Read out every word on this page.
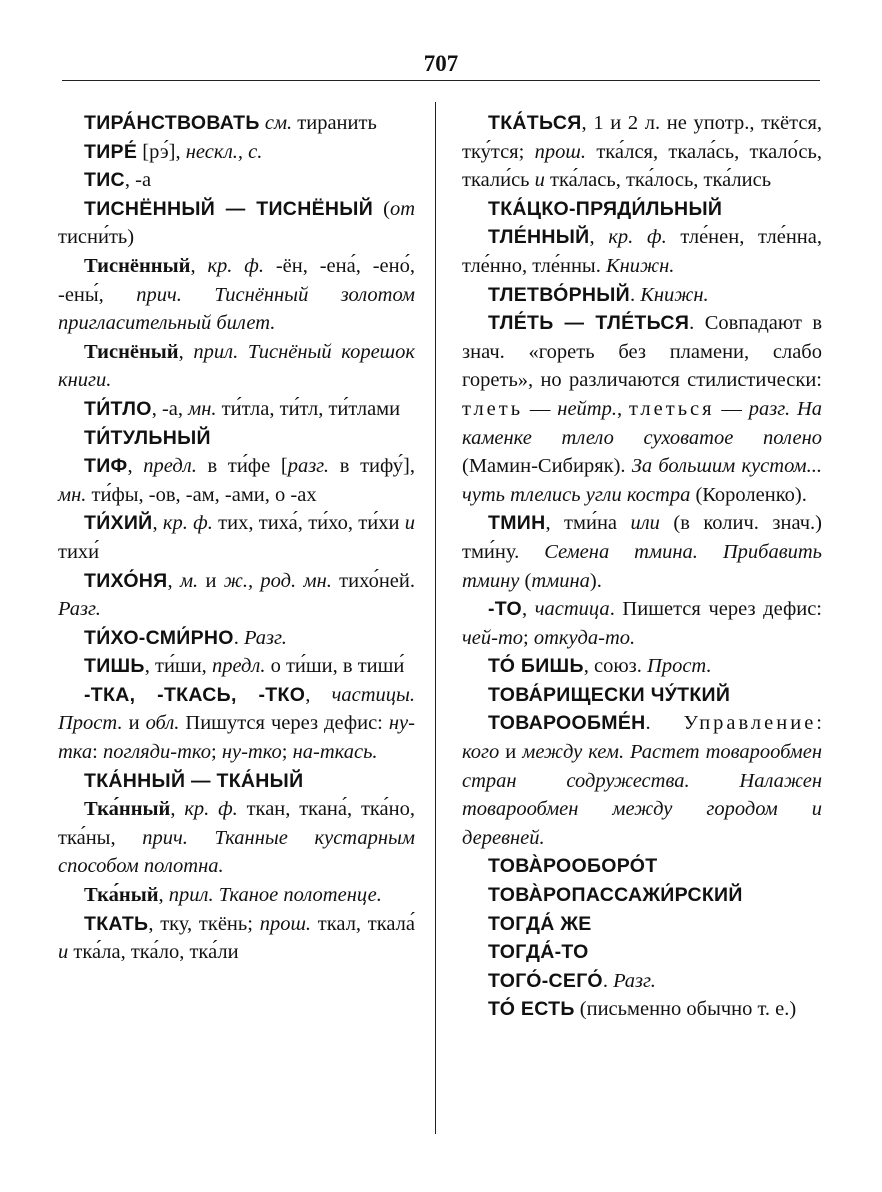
707

ТИРА́НСТВОВАТЬ см. тиранить

ТИРЕ́ [рэ́], нескл., с.

ТИС, -а

ТИСНЁННЫЙ — ТИСНЁНЫЙ (от тисни́ть)

Тиснённый, кр. ф. -ён, -ена́, -ено́, -ены́, прич. Тиснённый золотом пригласительный билет.

Тиснёный, прил. Тиснёный корешок книги.

ТИ́ТЛО, -а, мн. ти́тла, ти́тл, ти́тлами

ТИ́ТУЛЬНЫЙ

ТИФ, предл. в ти́фе [разг. в тифу́], мн. ти́фы, -ов, -ам, -ами, о -ах

ТИ́ХИЙ, кр. ф. тих, тиха́, ти́хо, ти́хи и тихи́

ТИХО́НЯ, м. и ж., род. мн. тихо́ней. Разг.

ТИ́ХО-СМИ́РНО. Разг.

ТИШЬ, ти́ши, предл. о ти́ши, в тиши́

-ТКА, -ТКАСЬ, -ТКО, частицы. Прост. и обл. Пишутся через дефис: ну-тка: погляди-тко; ну-тко; на-ткась.

ТКА́ННЫЙ — ТКА́НЫЙ

Тка́нный, кр. ф. ткан, ткана́, тка́но, тка́ны, прич. Тканные кустарным способом полотна.

Тка́ный, прил. Тканое полотенце.

ТКАТЬ, тку, ткёнь; прош. ткал, ткала́ и тка́ла, тка́ло, тка́ли

ТКА́ТЬСЯ, 1 и 2 л. не употр., ткётся, тку́тся; прош. тка́лся, ткала́сь, ткало́сь, ткали́сь и тка́лась, тка́лось, тка́лись

ТКА́ЦКО-ПРЯДИ́ЛЬНЫЙ

ТЛЕ́ННЫЙ, кр. ф. тле́нен, тле́нна, тле́нно, тле́нны. Книжн.

ТЛЕТВО́РНЫЙ. Книжн.

ТЛЕ́ТЬ — ТЛЕ́ТЬСЯ. Совпадают в знач. «гореть без пламени, слабо гореть», но различаются стилистически: тлеть — нейтр., тлеться — разг. На каменке тлело суховатое полено (Мамин-Сибиряк). За большим кустом... чуть тлелись угли костра (Короленко).

ТМИН, тми́на или (в колич. знач.) тми́ну. Семена тмина. Прибавить тмину (тмина).

-ТО, частица. Пишется через дефис: чей-то; откуда-то.

ТО́ БИШЬ, союз. Прост.

ТОВА́РИЩЕСКИ ЧУ́ТКИЙ

ТОВАРООБМЕ́Н. Управление: кого и между кем. Растет товарообмен стран содружества. Налажен товарообмен между городом и деревней.

ТОВА̀РООБОРО́Т

ТОВА̀РОПАССАЖИ́РСКИЙ

ТОГДА́ ЖЕ

ТОГДА́-ТО

ТОГО́-СЕГО́. Разг.

ТО́ ЕСТЬ (письменно обычно т. е.)
